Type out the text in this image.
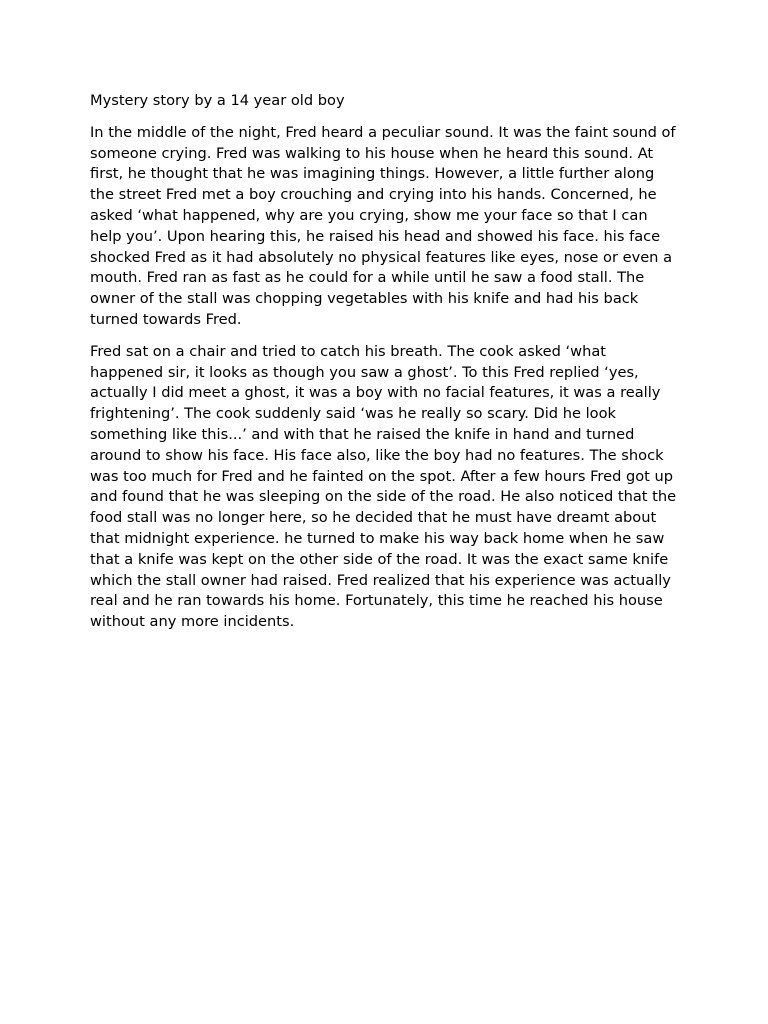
Mystery story by a 14 year old boy

In the middle of the night, Fred heard a peculiar sound. It was the faint sound of someone crying. Fred was walking to his house when he heard this sound. At first, he thought that he was imagining things. However, a little further along the street Fred met a boy crouching and crying into his hands. Concerned, he asked ‘what happened, why are you crying, show me your face so that I can help you’. Upon hearing this, he raised his head and showed his face. his face shocked Fred as it had absolutely no physical features like eyes, nose or even a mouth. Fred ran as fast as he could for a while until he saw a food stall. The owner of the stall was chopping vegetables with his knife and had his back turned towards Fred.

Fred sat on a chair and tried to catch his breath. The cook asked ‘what happened sir, it looks as though you saw a ghost’. To this Fred replied ‘yes, actually I did meet a ghost, it was a boy with no facial features, it was a really frightening’. The cook suddenly said ‘was he really so scary. Did he look something like this...’ and with that he raised the knife in hand and turned around to show his face. His face also, like the boy had no features. The shock was too much for Fred and he fainted on the spot. After a few hours Fred got up and found that he was sleeping on the side of the road. He also noticed that the food stall was no longer here, so he decided that he must have dreamt about that midnight experience. he turned to make his way back home when he saw that a knife was kept on the other side of the road. It was the exact same knife which the stall owner had raised. Fred realized that his experience was actually real and he ran towards his home. Fortunately, this time he reached his house without any more incidents.
